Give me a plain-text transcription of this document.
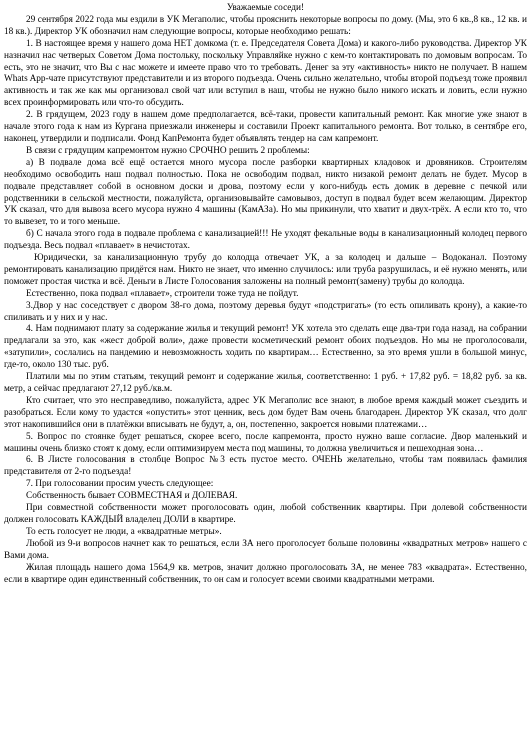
Уважаемые соседи!

29 сентября 2022 года мы ездили в УК Мегаполис, чтобы прояснить некоторые вопросы по дому. (Мы, это 6 кв.,8 кв., 12 кв. и 18 кв.). Директор УК обозначил нам следующие вопросы, которые необходимо решать:

1. В настоящее время у нашего дома НЕТ домкома (т. е. Председателя Совета Дома) и какого-либо руководства. Директор УК назначил нас четверых Советом Дома постольку, поскольку Управляйке нужно с кем-то контактировать по домовым вопросам. То есть, это не значит, что Вы с нас можете и имеете право что то требовать. Денег за эту «активность» никто не получает. В нашем Whats App-чате присутствуют представители и из второго подъезда. Очень сильно желательно, чтобы второй подъезд тоже проявил активность и так же как мы организовал свой чат или вступил в наш, чтобы не нужно было никого искать и ловить, если нужно всех проинформировать или что-то обсудить.

2. В грядущем, 2023 году в нашем доме предполагается, всё-таки, провести капитальный ремонт. Как многие уже знают в начале этого года к нам из Кургана приезжали инженеры и составили Проект капитального ремонта. Вот только, в сентябре его, наконец, утвердили и подписали. Фонд КапРемонта будет объявлять тендер на сам капремонт.

В связи с грядущим капремонтом нужно СРОЧНО решить 2 проблемы:

а) В подвале дома всё ещё остается много мусора после разборки квартирных кладовок и дровяников. Строителям необходимо освободить наш подвал полностью. Пока не освободим подвал, никто низакой ремонт делать не будет. Мусор в подвале представляет собой в основном доски и дрова, поэтому если у кого-нибудь есть домик в деревне с печкой или родственники в сельской местности, пожалуйста, организовывайте самовывоз, доступ в подвал будет всем желающим. Директор УК сказал, что для вывоза всего мусора нужно 4 машины (КамАЗа). Но мы прикинули, что хватит и двух-трёх. А если кто то, что то вывезет, то и того меньше.

б) С начала этого года в подвале проблема с канализацией!!! Не уходят фекальные воды в канализационный колодец первого подъезда. Весь подвал «плавает» в нечистотах.

Юридически, за канализационную трубу до колодца отвечает УК, а за колодец и дальше – Водоканал. Поэтому ремонтировать канализацию придётся нам. Никто не знает, что именно случилось: или труба разрушилась, и её нужно менять, или поможет простая чистка и всё. Деньги в Листе Голосования заложены на полный ремонт(замену) трубы до колодца.

Естественно, пока подвал «плавает», строители тоже туда не пойдут.

3.Двор у нас соседствует с двором 38-го дома, поэтому деревья будут «подстригать» (то есть опиливать крону), а какие-то спиливать и у них и у нас.

4. Нам поднимают плату за содержание жилья и текущий ремонт! УК хотела это сделать еще два-три года назад, на собрании предлагали за это, как «жест доброй воли», даже провести косметический ремонт обоих подъездов. Но мы не проголосовали, «затупили», сослались на пандемию и невозможность ходить по квартирам… Естественно, за это время ушли в большой минус, где-то, около 130 тыс. руб.

Платили мы по этим статьям, текущий ремонт и содержание жилья, соответственно: 1 руб. + 17,82 руб. = 18,82 руб. за кв. метр, а сейчас предлагают 27,12 руб./кв.м.

Кто считает, что это несправедливо, пожалуйста, адрес УК Мегаполис все знают, в любое время каждый может съездить и разобраться. Если кому то удастся «опустить» этот ценник, весь дом будет Вам очень благодарен. Директор УК сказал, что долг этот накопившийся они в платёжки вписывать не будут, а, он, постепенно, закроется новыми платежами…

5. Вопрос по стоянке будет решаться, скорее всего, после капремонта, просто нужно ваше согласие. Двор маленький и машины очень близко стоят к дому, если оптимизируем места под машины, то должна увеличиться и пешеходная зона…

6. В Листе голосования в столбце Вопрос №3 есть пустое место. ОЧЕНЬ желательно, чтобы там появилась фамилия представителя от 2-го подъезда!

7. При голосовании просим учесть следующее:

Собственность бывает СОВМЕСТНАЯ и ДОЛЕВАЯ.

При совместной собственности может проголосовать один, любой собственник квартиры. При долевой собственности должен голосовать КАЖДЫЙ владелец ДОЛИ в квартире.

То есть голосует не люди, а «квадратные метры».

Любой из 9-и вопросов начнет как то решаться, если ЗА него проголосует больше половины «квадратных метров» нашего с Вами дома.

Жилая площадь нашего дома 1564,9 кв. метров, значит должно проголосовать ЗА, не менее 783 «квадрата». Естественно, если в квартире один единственный собственник, то он сам и голосует всеми своими квадратными метрами.
